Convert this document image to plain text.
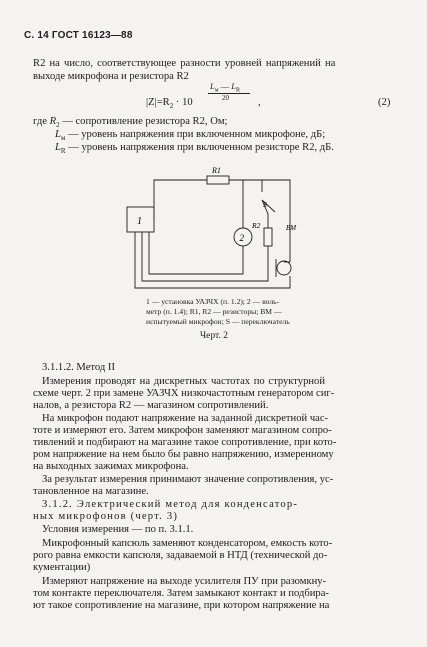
С. 14 ГОСТ 16123—88
R2 на число, соответствующее разности уровней напряжений на
выходе микрофона и резистора R2
$|Z|=R_2 \cdot 10$
$L_м$ — $L_R$
20	,	(2)
где $R_2$ — сопротивление резистора R2, Ом;
$L_м$ — уровень напряжения при включенном микрофоне, дБ;
$L_R$ — уровень напряжения при включенном резисторе R2, дБ.
1
R1
2
R2
S
BM
1 — установка УАЗЧХ (п. 1.2); 2 — воль-
метр (п. 1.4); R1, R2 — резисторы; BM —
испытуемый микрофон; S — переключатель
Черт. 2
3.1.1.2. Метод II
Измерения проводят на дискретных частотах по структурной
схеме черт. 2 при замене УАЗЧХ низкочастотным генератором сиг-
налов, а резистора R2 — магазином сопротивлений.
На микрофон подают напряжение на заданной дискретной час-
тоте и измеряют его. Затем микрофон заменяют магазином сопро-
тивлений и подбирают на магазине такое сопротивление, при кото-
ром напряжение на нем было бы равно напряжению, измеренному
на выходных зажимах микрофона.
За результат измерения принимают значение сопротивления, ус-
тановленное на магазине.
3.1.2. Электрический метод для конденсатор-
ных микрофонов (черт. 3)
Условия измерения — по п. 3.1.1.
Микрофонный капсюль заменяют конденсатором, емкость кото-
рого равна емкости капсюля, задаваемой в НТД (технической до-
кументации)
Измеряют напряжение на выходе усилителя ПУ при разомкну-
том контакте переключателя. Затем замыкают контакт и подбира-
ют такое сопротивление на магазине, при котором напряжение на
